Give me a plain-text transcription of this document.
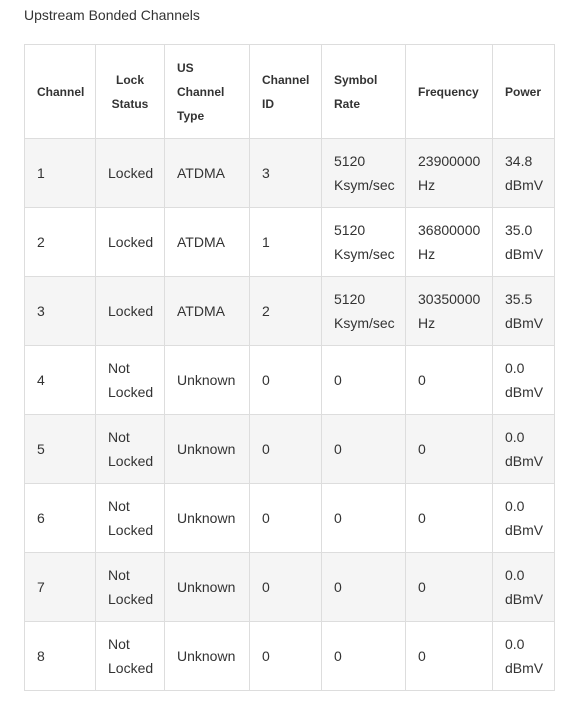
Upstream Bonded Channels
Channel	Lock Status	US Channel Type	Channel ID	Symbol Rate	Frequency	Power

1	Locked	ATDMA	3	5120 Ksym/sec	23900000 Hz	34.8 dBmV

2	Locked	ATDMA	1	5120 Ksym/sec	36800000 Hz	35.0 dBmV

3	Locked	ATDMA	2	5120 Ksym/sec	30350000 Hz	35.5 dBmV

4	Not Locked	Unknown	0	0	0	0.0 dBmV

5	Not Locked	Unknown	0	0	0	0.0 dBmV

6	Not Locked	Unknown	0	0	0	0.0 dBmV

7	Not Locked	Unknown	0	0	0	0.0 dBmV

8	Not Locked	Unknown	0	0	0	0.0 dBmV
